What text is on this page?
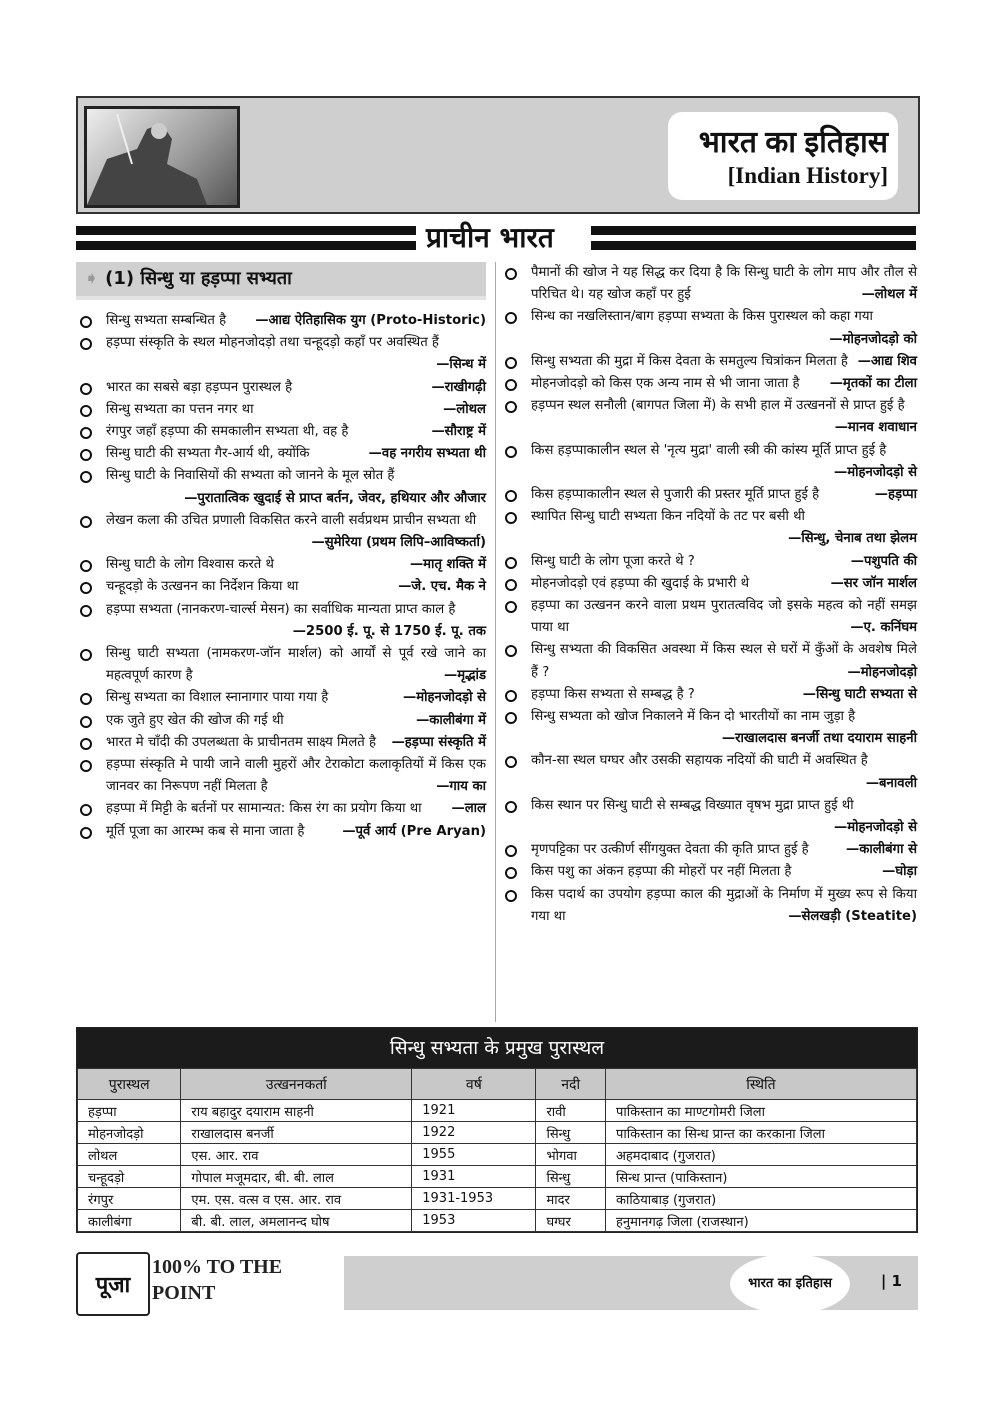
भारत का इतिहास
[Indian History]
प्राचीन भारत
➧ (1) सिन्धु या हड़प्पा सभ्यता
सिन्धु सभ्यता सम्बन्धित है —आद्य ऐतिहासिक युग (Proto-Historic)
हड़प्पा संस्कृति के स्थल मोहनजोदड़ो तथा चन्हूदड़ो कहाँ पर अवस्थित हैं
—सिन्ध में
भारत का सबसे बड़ा हड़प्पन पुरास्थल है	—राखीगढ़ी
सिन्धु सभ्यता का पत्तन नगर था	—लोथल
रंगपुर जहाँ हड़प्पा की समकालीन सभ्यता थी, वह है	—सौराष्ट्र में
सिन्धु घाटी की सभ्यता गैर-आर्य थी, क्योंकि	—वह नगरीय सभ्यता थी
सिन्धु घाटी के निवासियों की सभ्यता को जानने के मूल स्रोत हैं
—पुरातात्विक खुदाई से प्राप्त बर्तन, जेवर, हथियार और औजार
लेखन कला की उचित प्रणाली विकसित करने वाली सर्वप्रथम प्राचीन सभ्यता थी
—सुमेरिया (प्रथम लिपि–आविष्कर्ता)
सिन्धु घाटी के लोग विश्वास करते थे	—मातृ शक्ति में
चन्हूदड़ो के उत्खनन का निर्देशन किया था	—जे. एच. मैक ने
हड़प्पा सभ्यता (नानकरण-चार्ल्स मेसन) का सर्वाधिक मान्यता प्राप्त काल है
—2500 ई. पू. से 1750 ई. पू. तक
सिन्धु घाटी सभ्यता (नामकरण-जॉन मार्शल) को आर्यों से पूर्व रखे जाने का महत्वपूर्ण कारण है	—मृद्भांड
सिन्धु सभ्यता का विशाल स्नानागार पाया गया है	—मोहनजोदड़ो से
एक जुते हुए खेत की खोज की गई थी	—कालीबंगा में
भारत मे चाँदी की उपलब्धता के प्राचीनतम साक्ष्य मिलते है —हड़प्पा संस्कृति में
हड़प्पा संस्कृति मे पायी जाने वाली मुहरों और टेराकोटा कलाकृतियों में किस एक जानवर का निरूपण नहीं मिलता है	—गाय का
हड़प्पा में मिट्टी के बर्तनों पर सामान्यत: किस रंग का प्रयोग किया था —लाल
मूर्ति पूजा का आरम्भ कब से माना जाता है	—पूर्व आर्य (Pre Aryan)
पैमानों की खोज ने यह सिद्ध कर दिया है कि सिन्धु घाटी के लोग माप और तौल से परिचित थे। यह खोज कहाँ पर हुई	—लोथल में
सिन्ध का नखलिस्तान/बाग हड़प्पा सभ्यता के किस पुरास्थल को कहा गया
—मोहनजोदड़ो को
सिन्धु सभ्यता की मुद्रा में किस देवता के समतुल्य चित्रांकन मिलता है —आद्य शिव
मोहनजोदड़ो को किस एक अन्य नाम से भी जाना जाता है —मृतकों का टीला
हड़प्पन स्थल सनौली (बागपत जिला में) के सभी हाल में उत्खननों से प्राप्त हुई है
—मानव शवाधान
किस हड़प्पाकालीन स्थल से 'नृत्य मुद्रा' वाली स्त्री की कांस्य मूर्ति प्राप्त हुई है
—मोहनजोदड़ो से
किस हड़प्पाकालीन स्थल से पुजारी की प्रस्तर मूर्ति प्राप्त हुई है	—हड़प्पा
स्थापित सिन्धु घाटी सभ्यता किन नदियों के तट पर बसी थी
—सिन्धु, चेनाब तथा झेलम
सिन्धु घाटी के लोग पूजा करते थे ?	—पशुपति की
मोहनजोदड़ो एवं हड़प्पा की खुदाई के प्रभारी थे	—सर जॉन मार्शल
हड़प्पा का उत्खनन करने वाला प्रथम पुरातत्वविद जो इसके महत्व को नहीं समझ पाया था	—ए. कनिंघम
सिन्धु सभ्यता की विकसित अवस्था में किस स्थल से घरों में कुँओं के अवशेष मिले हैं ?	—मोहनजोदड़ो
हड़प्पा किस सभ्यता से सम्बद्ध है ?	—सिन्धु घाटी सभ्यता से
सिन्धु सभ्यता को खोज निकालने में किन दो भारतीयों का नाम जुड़ा है
—राखालदास बनर्जी तथा दयाराम साहनी
कौन-सा स्थल घग्घर और उसकी सहायक नदियों की घाटी में अवस्थित है
—बनावली
किस स्थान पर सिन्धु घाटी से सम्बद्ध विख्यात वृषभ मुद्रा प्राप्त हुई थी
—मोहनजोदड़ो से
मृणपट्टिका पर उत्कीर्ण सींगयुक्त देवता की कृति प्राप्त हुई है	—कालीबंगा से
किस पशु का अंकन हड़प्पा की मोहरों पर नहीं मिलता है	—घोड़ा
किस पदार्थ का उपयोग हड़प्पा काल की मुद्राओं के निर्माण में मुख्य रूप से किया गया था	—सेलखड़ी (Steatite)
सिन्धु सभ्यता के प्रमुख पुरास्थल
पुरास्थल	उत्खननकर्ता	वर्ष	नदी	स्थिति
हड़प्पा	राय बहादुर दयाराम साहनी	1921	रावी	पाकिस्तान का माण्टगोमरी जिला
मोहनजोदड़ो	राखालदास बनर्जी	1922	सिन्धु	पाकिस्तान का सिन्ध प्रान्त का करकाना जिला
लोथल	एस. आर. राव	1955	भोगवा	अहमदाबाद (गुजरात)
चन्हूदड़ो	गोपाल मजूमदार, बी. बी. लाल	1931	सिन्धु	सिन्ध प्रान्त (पाकिस्तान)
रंगपुर	एम. एस. वत्स व एस. आर. राव	1931-1953	मादर	काठियाबाड़ (गुजरात)
कालीबंगा	बी. बी. लाल, अमलानन्द घोष	1953	घग्घर	हनुमानगढ़ जिला (राजस्थान)
पूजा
100% TO THE POINT	भारत का इतिहास	| 1
